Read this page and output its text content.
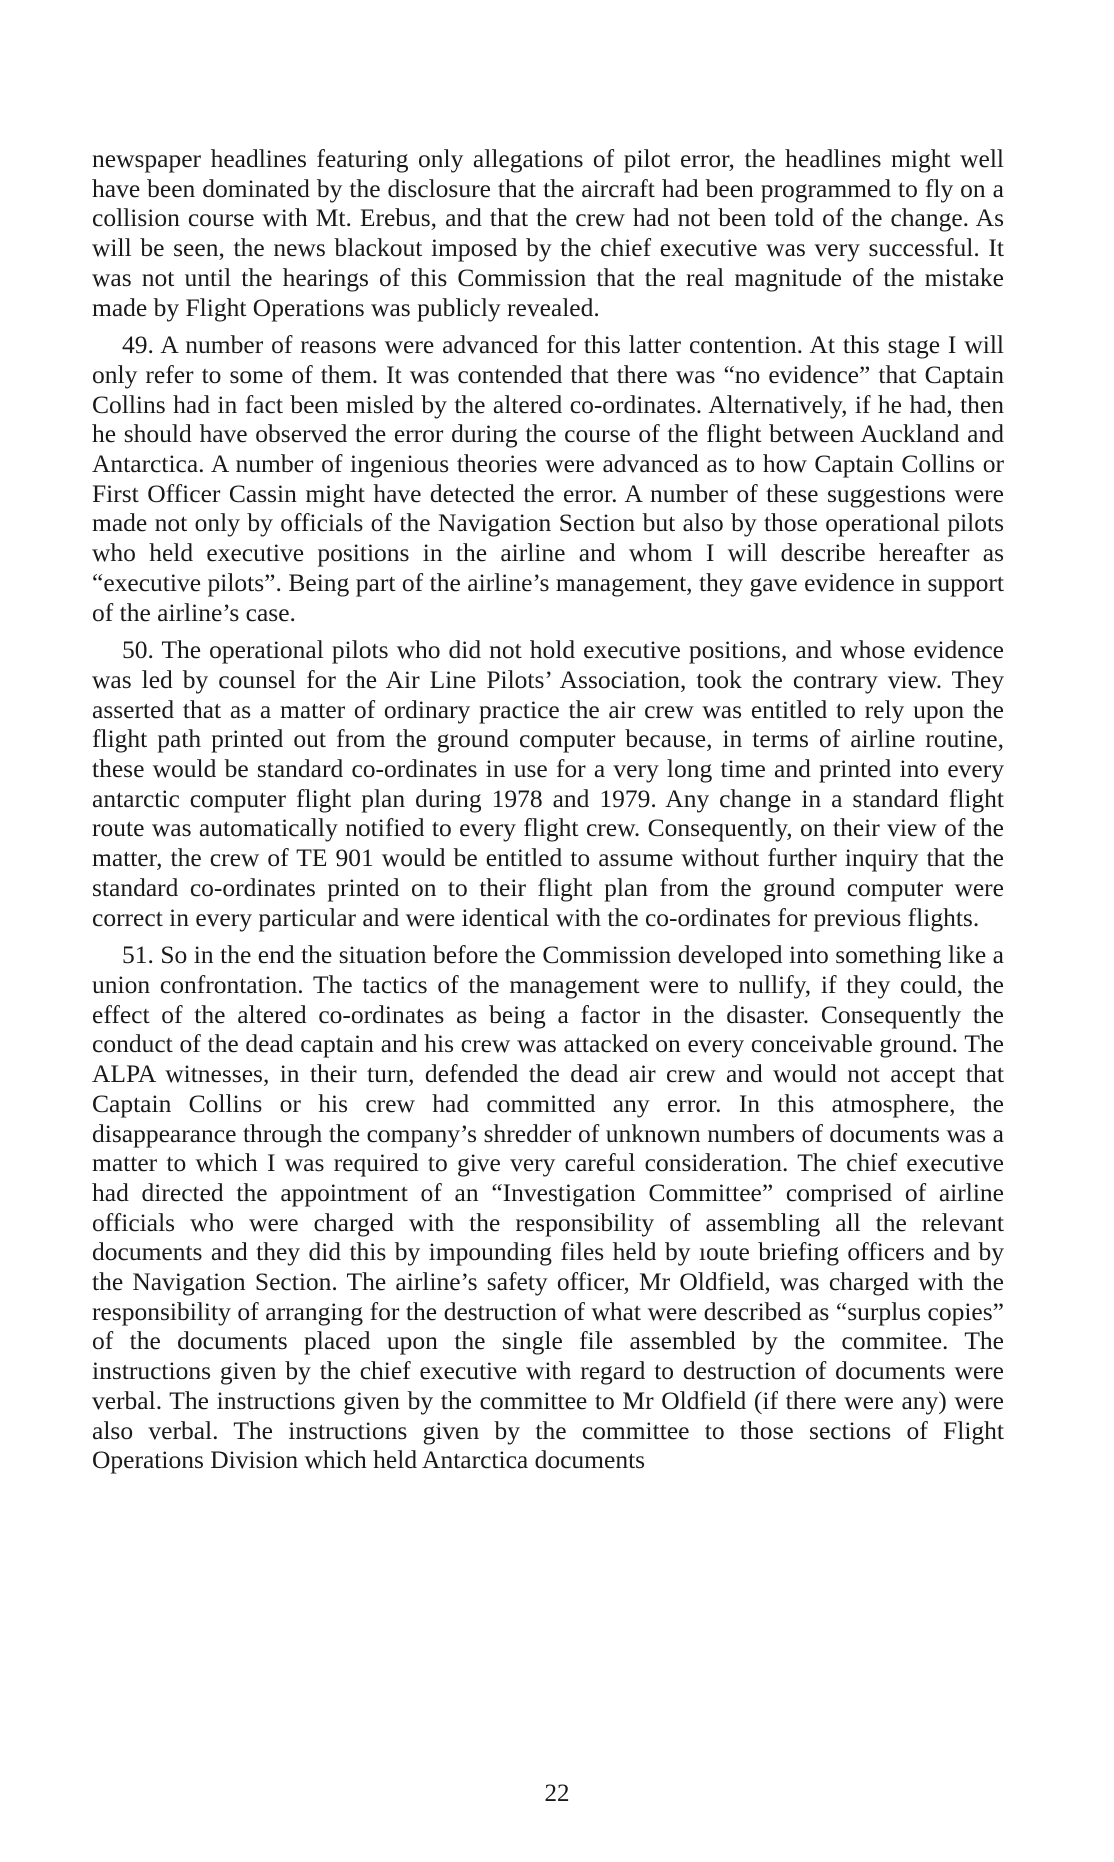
newspaper headlines featuring only allegations of pilot error, the headlines might well have been dominated by the disclosure that the aircraft had been programmed to fly on a collision course with Mt. Erebus, and that the crew had not been told of the change. As will be seen, the news blackout imposed by the chief executive was very successful. It was not until the hearings of this Commission that the real magnitude of the mistake made by Flight Operations was publicly revealed.

49. A number of reasons were advanced for this latter contention. At this stage I will only refer to some of them. It was contended that there was “no evidence” that Captain Collins had in fact been misled by the altered co-ordinates. Alternatively, if he had, then he should have observed the error during the course of the flight between Auckland and Antarctica. A number of ingenious theories were advanced as to how Captain Collins or First Officer Cassin might have detected the error. A number of these suggestions were made not only by officials of the Navigation Section but also by those operational pilots who held executive positions in the airline and whom I will describe hereafter as “executive pilots”. Being part of the airline’s management, they gave evidence in support of the airline’s case.

50. The operational pilots who did not hold executive positions, and whose evidence was led by counsel for the Air Line Pilots’ Association, took the contrary view. They asserted that as a matter of ordinary practice the air crew was entitled to rely upon the flight path printed out from the ground computer because, in terms of airline routine, these would be standard co-ordinates in use for a very long time and printed into every antarctic computer flight plan during 1978 and 1979. Any change in a standard flight route was automatically notified to every flight crew. Consequently, on their view of the matter, the crew of TE 901 would be entitled to assume without further inquiry that the standard co-ordinates printed on to their flight plan from the ground computer were correct in every particular and were identical with the co-ordinates for previous flights.

51. So in the end the situation before the Commission developed into something like a union confrontation. The tactics of the management were to nullify, if they could, the effect of the altered co-ordinates as being a factor in the disaster. Consequently the conduct of the dead captain and his crew was attacked on every conceivable ground. The ALPA witnesses, in their turn, defended the dead air crew and would not accept that Captain Collins or his crew had committed any error. In this atmosphere, the disappearance through the company’s shredder of unknown numbers of documents was a matter to which I was required to give very careful consideration. The chief executive had directed the appointment of an “Investigation Committee” comprised of airline officials who were charged with the responsibility of assembling all the relevant documents and they did this by impounding files held by ıoute briefing officers and by the Navigation Section. The airline’s safety officer, Mr Oldfield, was charged with the responsibility of arranging for the destruction of what were described as “surplus copies” of the documents placed upon the single file assembled by the commitee. The instructions given by the chief executive with regard to destruction of documents were verbal. The instructions given by the committee to Mr Oldfield (if there were any) were also verbal. The instructions given by the committee to those sections of Flight Operations Division which held Antarctica documents

22
